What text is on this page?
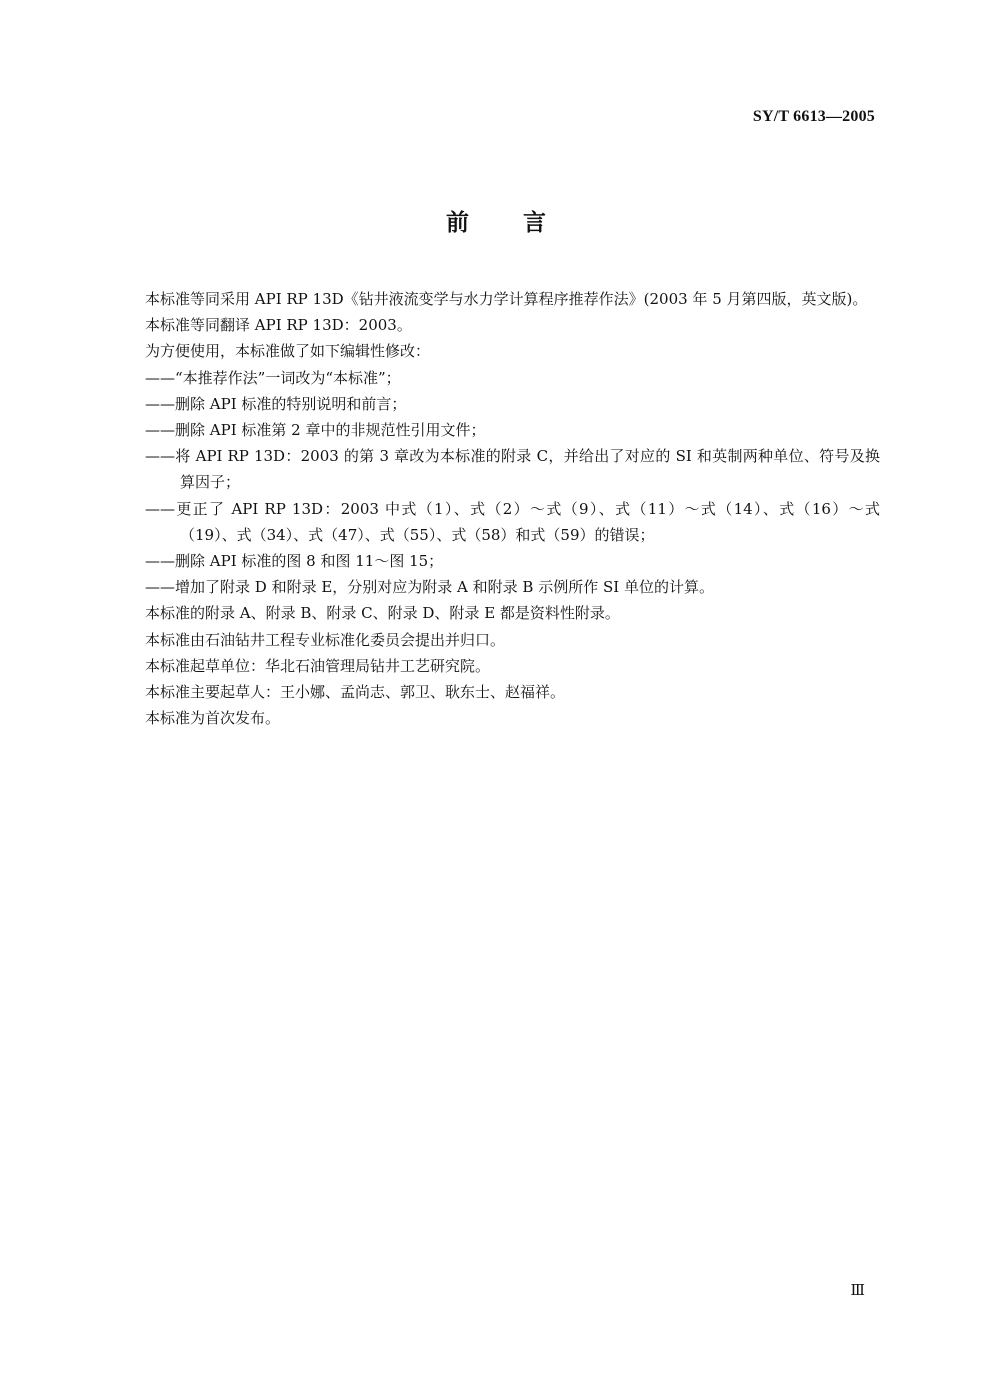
SY/T 6613—2005
前言

本标准等同采用 API RP 13D《钻井液流变学与水力学计算程序推荐作法》(2003 年 5 月第四版，英文版)。

本标准等同翻译 API RP 13D：2003。

为方便使用，本标准做了如下编辑性修改：

——“本推荐作法”一词改为“本标准”；

——删除 API 标准的特别说明和前言；

——删除 API 标准第 2 章中的非规范性引用文件；

——将 API RP 13D：2003 的第 3 章改为本标准的附录 C，并给出了对应的 SI 和英制两种单位、符号及换算因子；

——更正了 API RP 13D：2003 中式（1）、式（2）～式（9）、式（11）～式（14）、式（16）～式（19）、式（34）、式（47）、式（55）、式（58）和式（59）的错误；

——删除 API 标准的图 8 和图 11～图 15；

——增加了附录 D 和附录 E，分别对应为附录 A 和附录 B 示例所作 SI 单位的计算。

本标准的附录 A、附录 B、附录 C、附录 D、附录 E 都是资料性附录。

本标准由石油钻井工程专业标准化委员会提出并归口。

本标准起草单位：华北石油管理局钻井工艺研究院。

本标准主要起草人：王小娜、孟尚志、郭卫、耿东士、赵福祥。

本标准为首次发布。

Ⅲ
